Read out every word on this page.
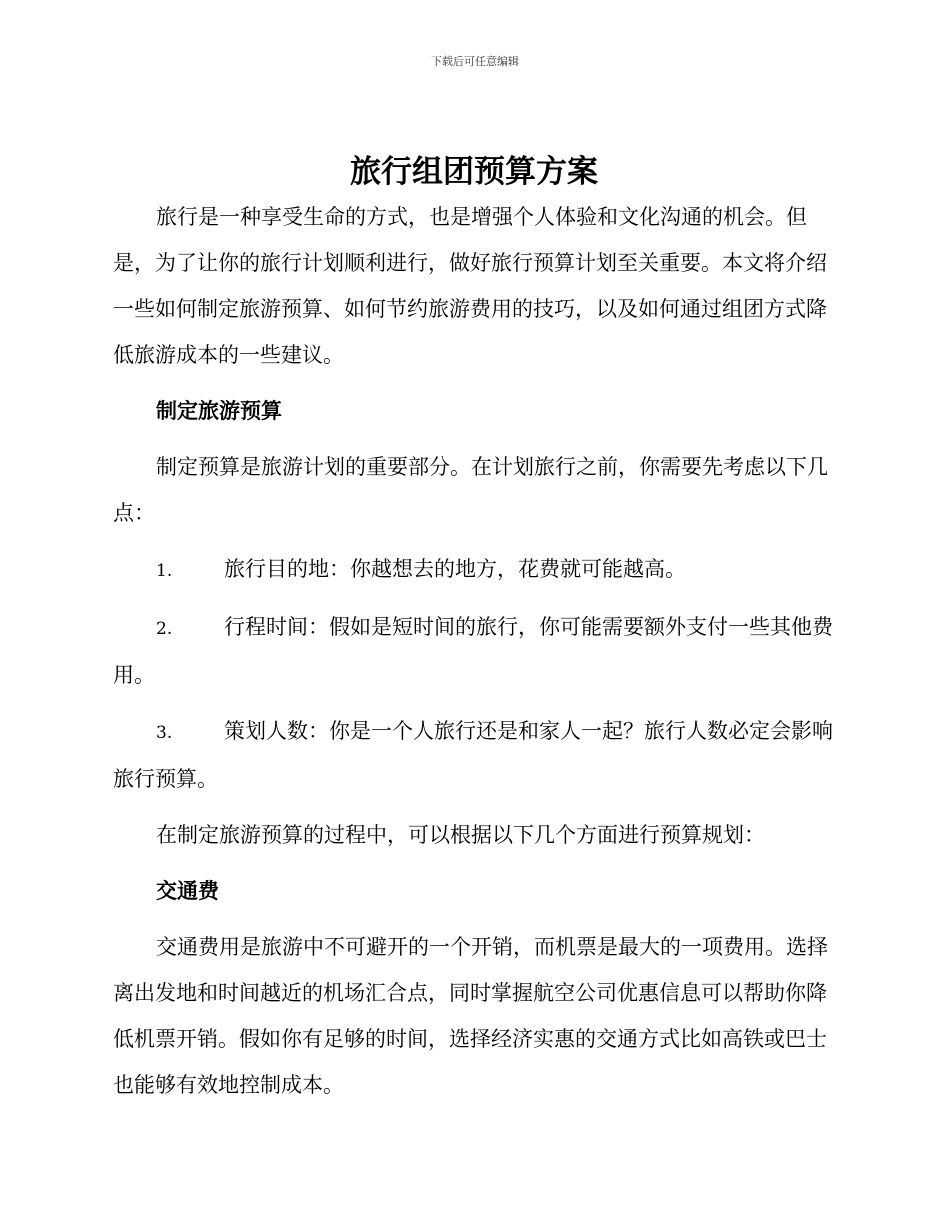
下载后可任意编辑
旅行组团预算方案

旅行是一种享受生命的方式，也是增强个人体验和文化沟通的机会。但是，为了让你的旅行计划顺利进行，做好旅行预算计划至关重要。本文将介绍一些如何制定旅游预算、如何节约旅游费用的技巧，以及如何通过组团方式降低旅游成本的一些建议。

制定旅游预算

制定预算是旅游计划的重要部分。在计划旅行之前，你需要先考虑以下几点：

1. 旅行目的地：你越想去的地方，花费就可能越高。

2. 行程时间：假如是短时间的旅行，你可能需要额外支付一些其他费用。

3. 策划人数：你是一个人旅行还是和家人一起？旅行人数必定会影响旅行预算。

在制定旅游预算的过程中，可以根据以下几个方面进行预算规划：

交通费

交通费用是旅游中不可避开的一个开销，而机票是最大的一项费用。选择离出发地和时间越近的机场汇合点，同时掌握航空公司优惠信息可以帮助你降低机票开销。假如你有足够的时间，选择经济实惠的交通方式比如高铁或巴士也能够有效地控制成本。
